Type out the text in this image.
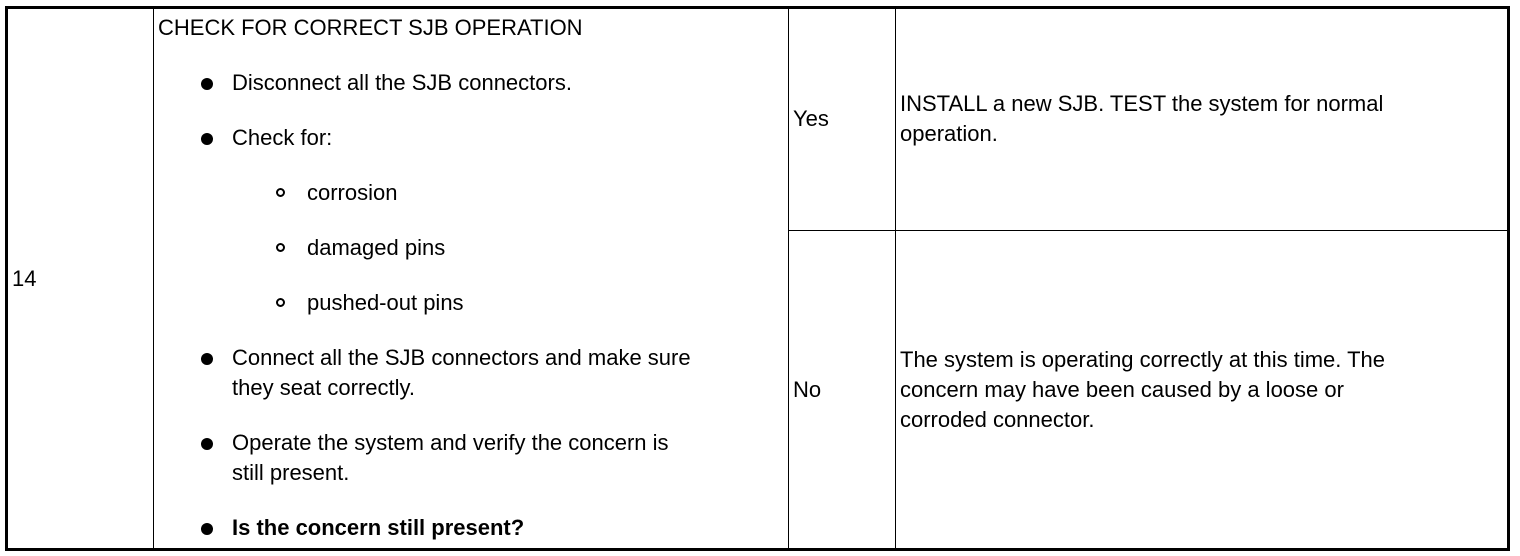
14
CHECK FOR CORRECT SJB OPERATION
Disconnect all the SJB connectors.
Check for:
corrosion
damaged pins
pushed-out pins
Connect all the SJB connectors and make sure
they seat correctly.
Operate the system and verify the concern is
still present.
Is the concern still present?
Yes
INSTALL a new SJB. TEST the system for normal
operation.
No
The system is operating correctly at this time. The
concern may have been caused by a loose or
corroded connector.
